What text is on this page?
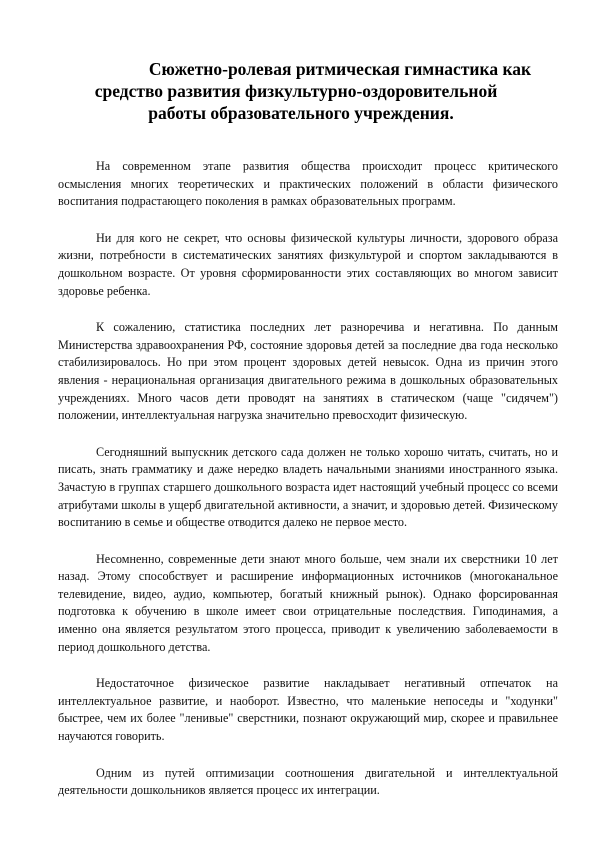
Сюжетно-ролевая ритмическая гимнастика как
средство развития физкультурно-оздоровительной
работы образовательного учреждения.

На современном этапе развития общества происходит процесс критического осмысления многих теоретических и практических положений в области физического воспитания подрастающего поколения в рамках образовательных программ.

Ни для кого не секрет, что основы физической культуры личности, здорового образа жизни, потребности в систематических занятиях физкультурой и спортом закладываются в дошкольном возрасте. От уровня сформированности этих составляющих во многом зависит здоровье ребенка.

К сожалению, статистика последних лет разноречива и негативна. По данным Министерства здравоохранения РФ, состояние здоровья детей за последние два года несколько стабилизировалось. Но при этом процент здоровых детей невысок. Одна из причин этого явления - нерациональная организация двигательного режима в дошкольных образовательных учреждениях. Много часов дети проводят на занятиях в статическом (чаще "сидячем") положении, интеллектуальная нагрузка значительно превосходит физическую.

Сегодняшний выпускник детского сада должен не только хорошо читать, считать, но и писать, знать грамматику и даже нередко владеть начальными знаниями иностранного языка. Зачастую в группах старшего дошкольного возраста идет настоящий учебный процесс со всеми атрибутами школы в ущерб двигательной активности, а значит, и здоровью детей. Физическому воспитанию в семье и обществе отводится далеко не первое место.

Несомненно, современные дети знают много больше, чем знали их сверстники 10 лет назад. Этому способствует и расширение информационных источников (многоканальное телевидение, видео, аудио, компьютер, богатый книжный рынок). Однако форсированная подготовка к обучению в школе имеет свои отрицательные последствия. Гиподинамия, а именно она является результатом этого процесса, приводит к увеличению заболеваемости в период дошкольного детства.

Недостаточное физическое развитие накладывает негативный отпечаток на интеллектуальное развитие, и наоборот. Известно, что маленькие непоседы и "ходунки" быстрее, чем их более "ленивые" сверстники, познают окружающий мир, скорее и правильнее научаются говорить.

Одним из путей оптимизации соотношения двигательной и интеллектуальной деятельности дошкольников является процесс их интеграции.
